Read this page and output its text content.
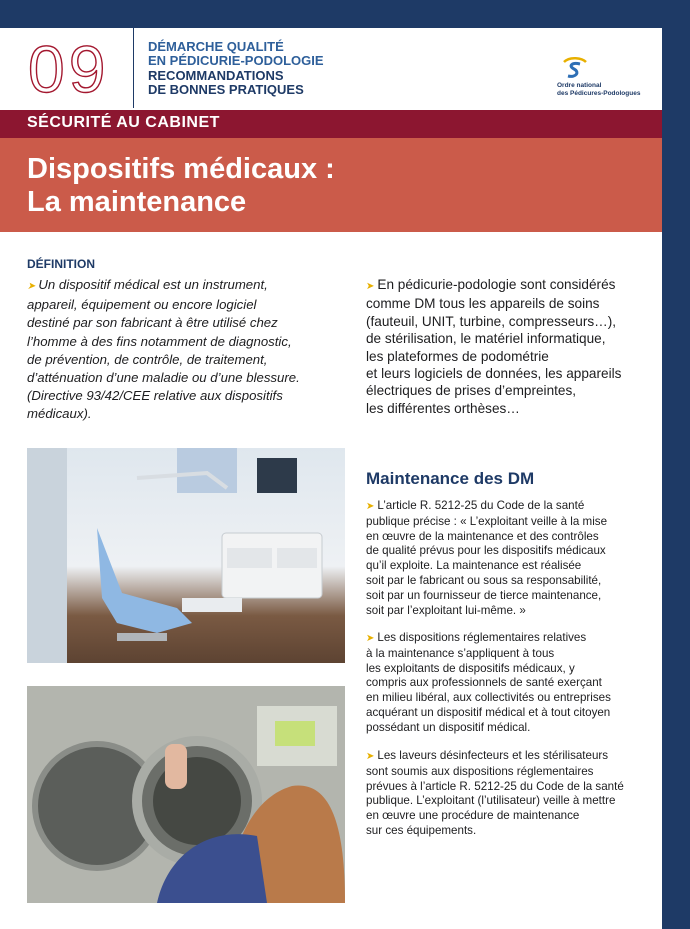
09	DÉMARCHE QUALITÉ
EN PÉDICURIE-PODOLOGIE
RECOMMANDATIONS
DE BONNES PRATIQUES	Ordre national
des Pédicures-Podologues
SÉCURITÉ AU CABINET
Dispositifs médicaux :
La maintenance
DÉFINITION
➤ Un dispositif médical est un instrument,
appareil, équipement ou encore logiciel
destiné par son fabricant à être utilisé chez
l’homme à des fins notamment de diagnostic,
de prévention, de contrôle, de traitement,
d’atténuation d’une maladie ou d’une blessure.
(Directive 93/42/CEE relative aux dispositifs
médicaux).
➤ En pédicurie-podologie sont considérés
comme DM tous les appareils de soins
(fauteuil, UNIT, turbine, compresseurs…),
de stérilisation, le matériel informatique,
les plateformes de podométrie
et leurs logiciels de données, les appareils
électriques de prises d’empreintes,
les différentes orthèses…
Maintenance des DM
➤ L’article R. 5212-25 du Code de la santé
publique précise : « L’exploitant veille à la mise
en œuvre de la maintenance et des contrôles
de qualité prévus pour les dispositifs médicaux
qu’il exploite. La maintenance est réalisée
soit par le fabricant ou sous sa responsabilité,
soit par un fournisseur de tierce maintenance,
soit par l’exploitant lui-même. »
➤ Les dispositions réglementaires relatives
à la maintenance s’appliquent à tous
les exploitants de dispositifs médicaux, y
compris aux professionnels de santé exerçant
en milieu libéral, aux collectivités ou entreprises
acquérant un dispositif médical et à tout citoyen
possédant un dispositif médical.
➤ Les laveurs désinfecteurs et les stérilisateurs
sont soumis aux dispositions réglementaires
prévues à l’article R. 5212-25 du Code de la santé
publique. L’exploitant (l’utilisateur) veille à mettre
en œuvre une procédure de maintenance
sur ces équipements.
